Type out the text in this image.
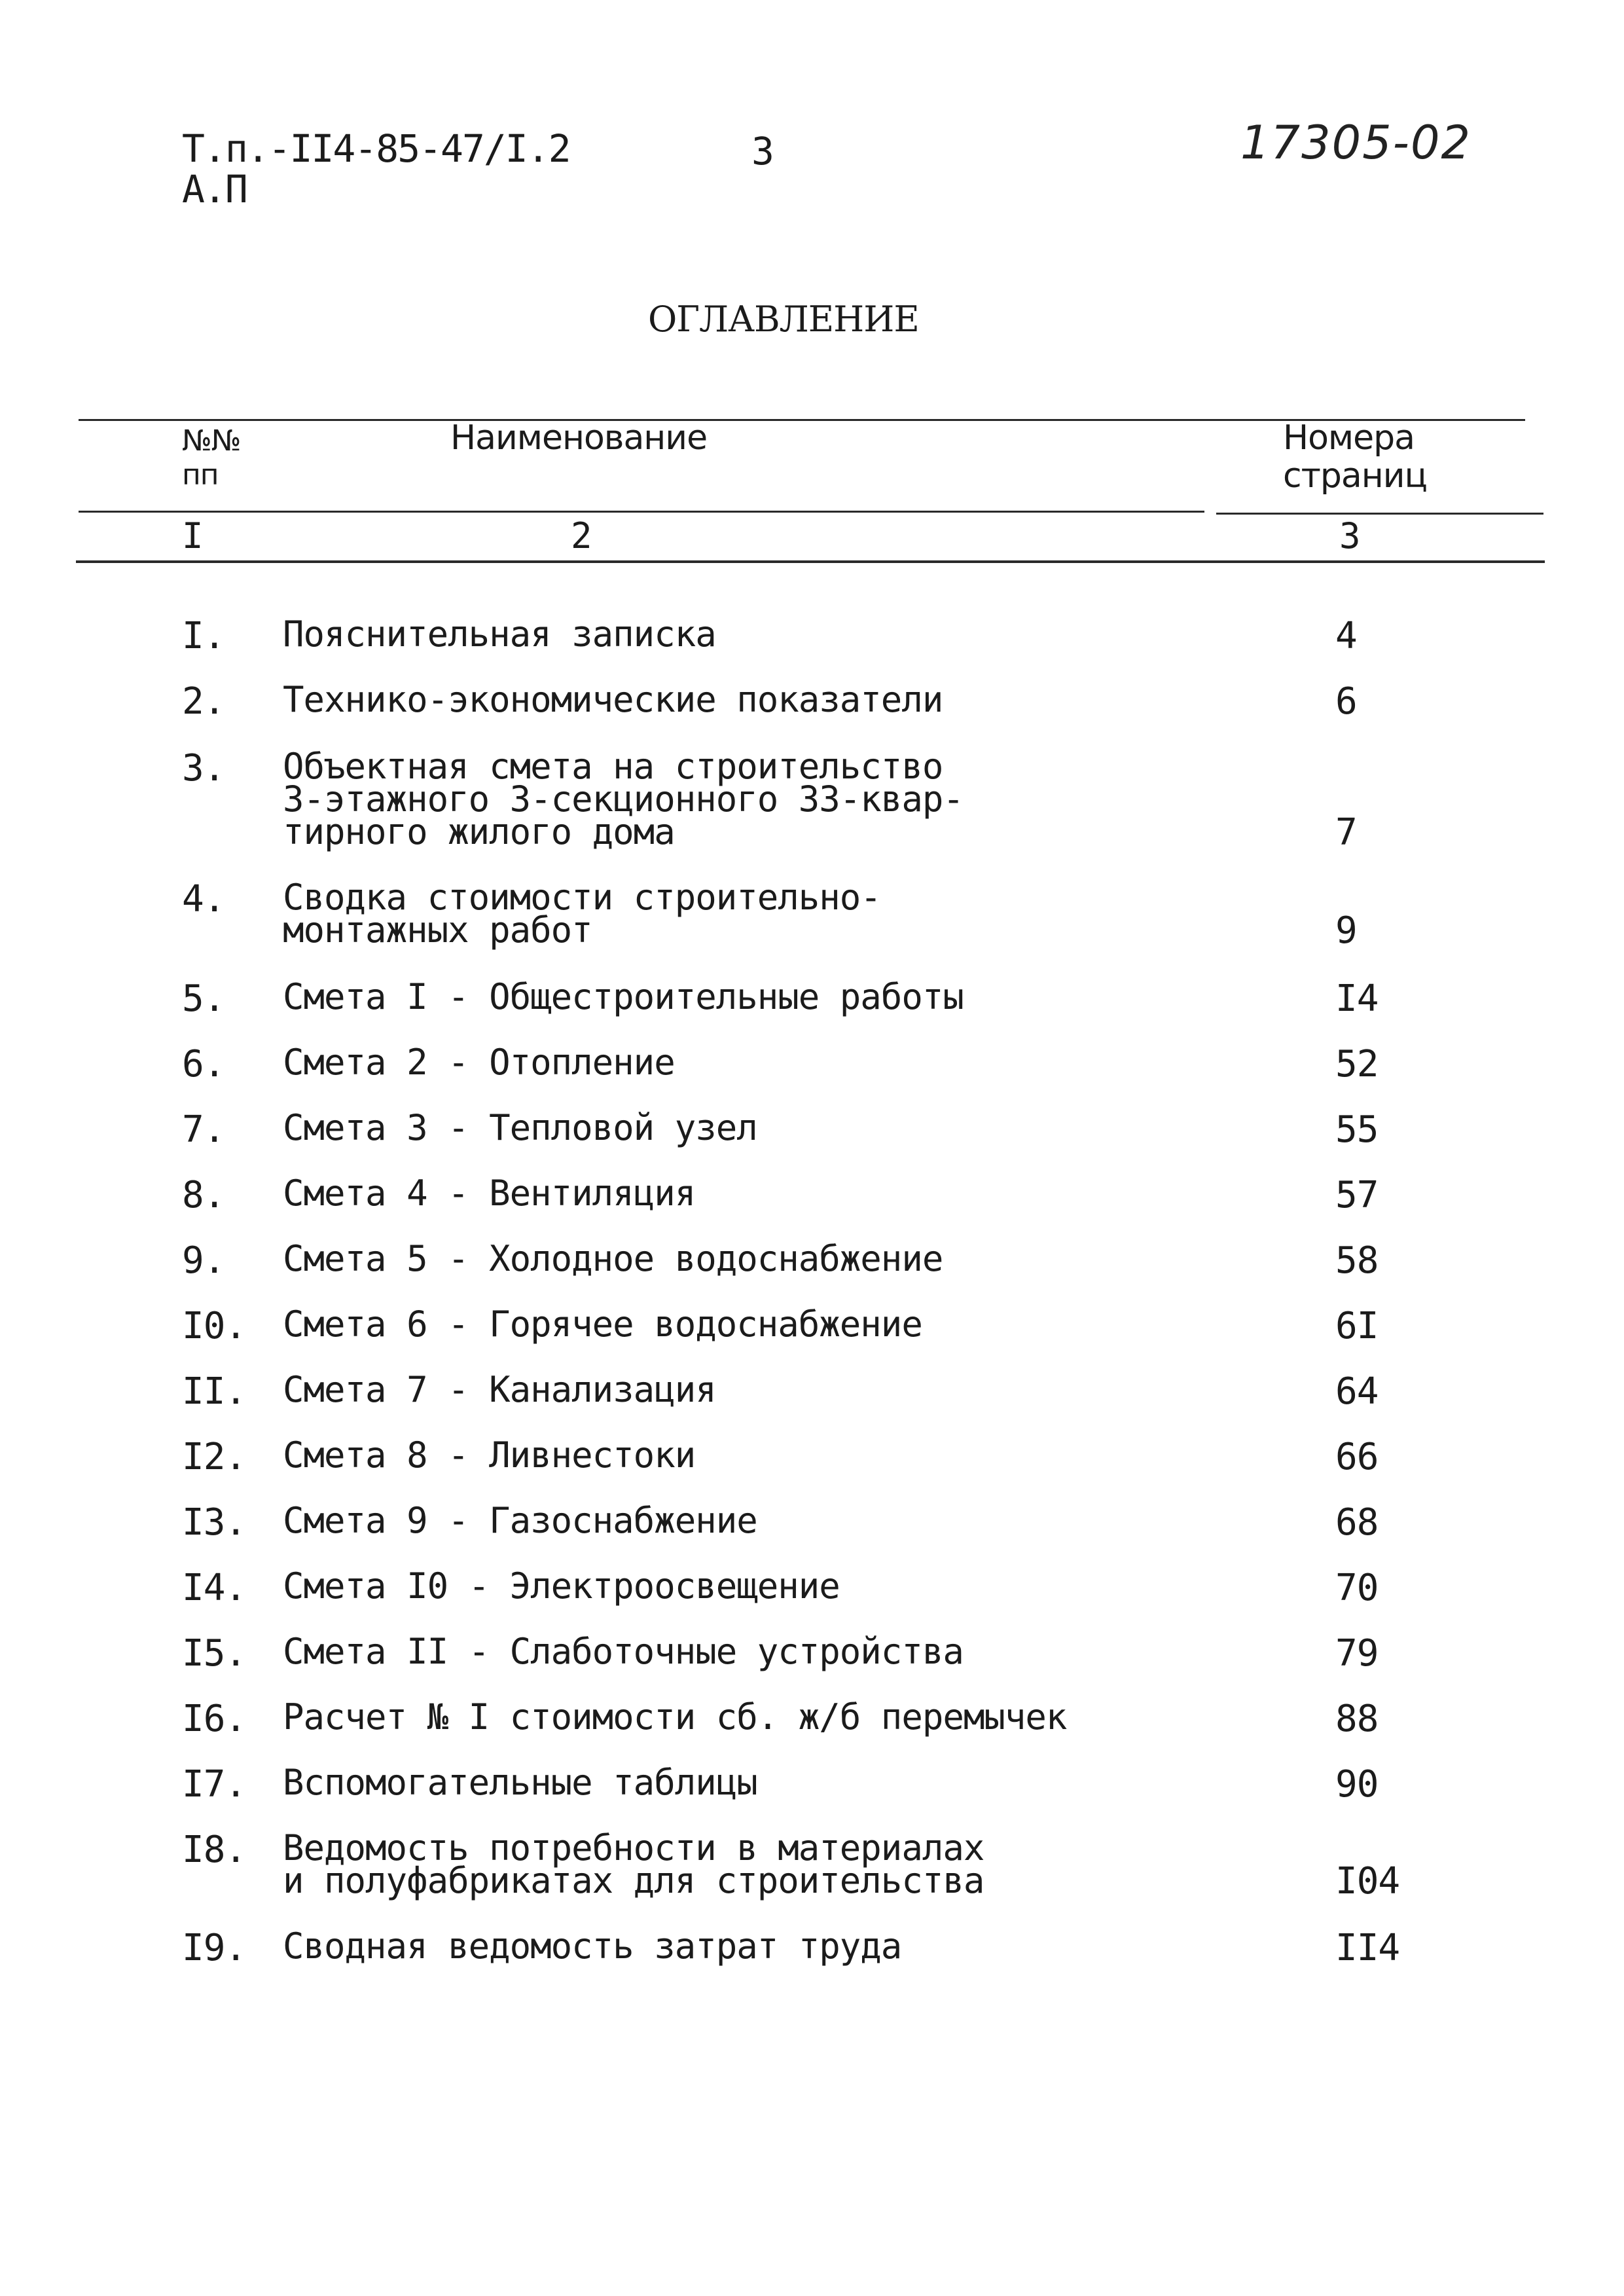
Т.п.-II4-85-47/I.2
А.П
3	17305-02
ОГЛАВЛЕНИЕ
№№
пп
Наименование	Номера
страниц
I	2	3
I. Пояснительная записка	4
2. Технико-экономические показатели	6
3. Объектная смета на строительство
3-этажного 3-секционного 33-квар-
тирного жилого дома	7
4. Сводка стоимости строительно-
монтажных работ	9
5. Смета I - Общестроительные работы	I4
6. Смета 2 - Отопление	52
7. Смета 3 - Тепловой узел	55
8. Смета 4 - Вентиляция	57
9. Смета 5 - Холодное водоснабжение	58
I0. Смета 6 - Горячее водоснабжение	6I
II. Смета 7 - Канализация	64
I2. Смета 8 - Ливнестоки	66
I3. Смета 9 - Газоснабжение	68
I4. Смета I0 - Электроосвещение	70
I5. Смета II - Слаботочные устройства	79
I6. Расчет № I стоимости сб. ж/б перемычек	88
I7. Вспомогательные таблицы	90
I8. Ведомость потребности в материалах
и полуфабрикатах для строительства	I04
I9. Сводная ведомость затрат труда	II4
